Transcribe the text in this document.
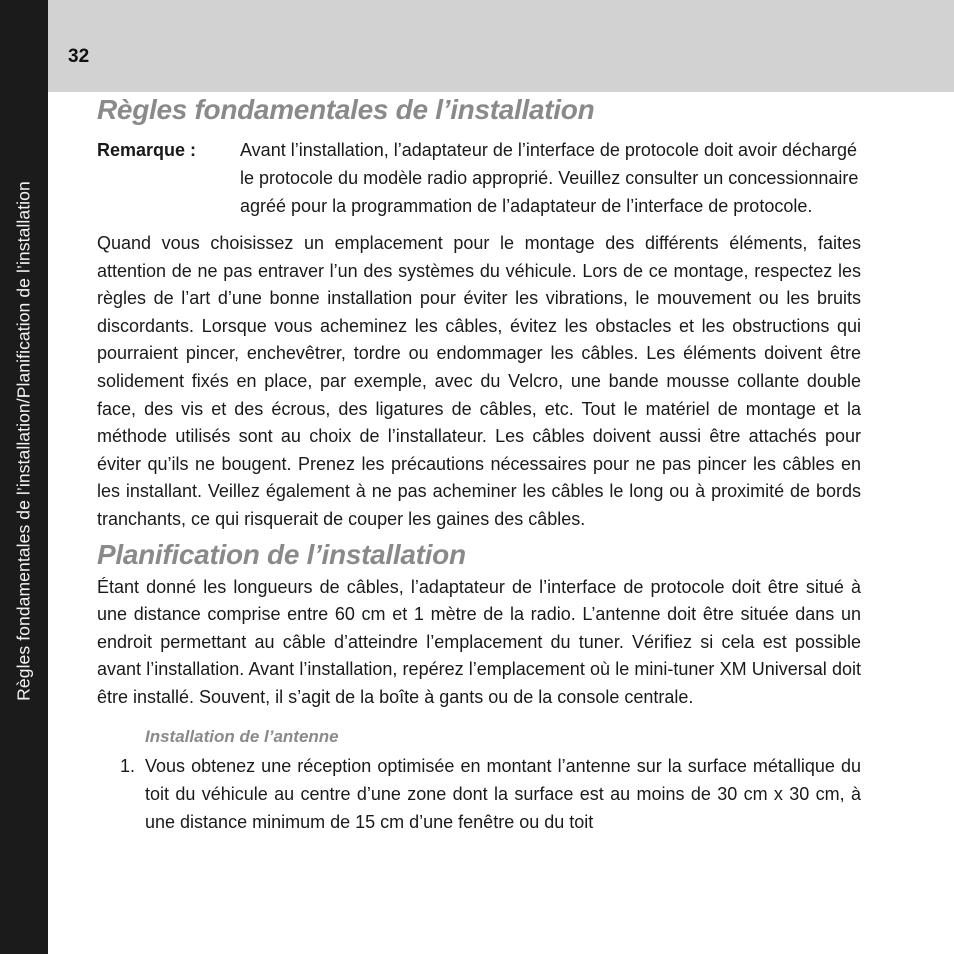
Règles fondamentales de l’installation/Planification de l’installation
32
Règles fondamentales de l’installation
Remarque :	Avant l’installation, l’adaptateur de l’interface de protocole doit avoir déchargé le protocole du modèle radio approprié. Veuillez consulter un concessionnaire agréé pour la programmation de l’adaptateur de l’interface de protocole.

Quand vous choisissez un emplacement pour le montage des différents éléments, faites attention de ne pas entraver l’un des systèmes du véhicule. Lors de ce montage, respectez les règles de l’art d’une bonne installation pour éviter les vibrations, le mouvement ou les bruits discordants. Lorsque vous acheminez les câbles, évitez les obstacles et les obstructions qui pourraient pincer, enchevêtrer, tordre ou endommager les câbles. Les éléments doivent être solidement fixés en place, par exemple, avec du Velcro, une bande mousse collante double face, des vis et des écrous, des ligatures de câbles, etc. Tout le matériel de montage et la méthode utilisés sont au choix de l’installateur. Les câbles doivent aussi être attachés pour éviter qu’ils ne bougent. Prenez les précautions nécessaires pour ne pas pincer les câbles en les installant. Veillez également à ne pas acheminer les câbles le long ou à proximité de bords tranchants, ce qui risquerait de couper les gaines des câbles.

Planification de l’installation

Étant donné les longueurs de câbles, l’adaptateur de l’interface de protocole doit être situé à une distance comprise entre 60 cm et 1 mètre de la radio. L’antenne doit être située dans un endroit permettant au câble d’atteindre l’emplacement du tuner. Vérifiez si cela est possible avant l’installation. Avant l’installation, repérez l’emplacement où le mini-tuner XM Universal doit être installé. Souvent, il s’agit de la boîte à gants ou de la console centrale.

Installation de l’antenne
1. Vous obtenez une réception optimisée en montant l’antenne sur la surface métallique du toit du véhicule au centre d’une zone dont la surface est au moins de 30 cm x 30 cm, à une distance minimum de 15 cm d’une fenêtre ou du toit
